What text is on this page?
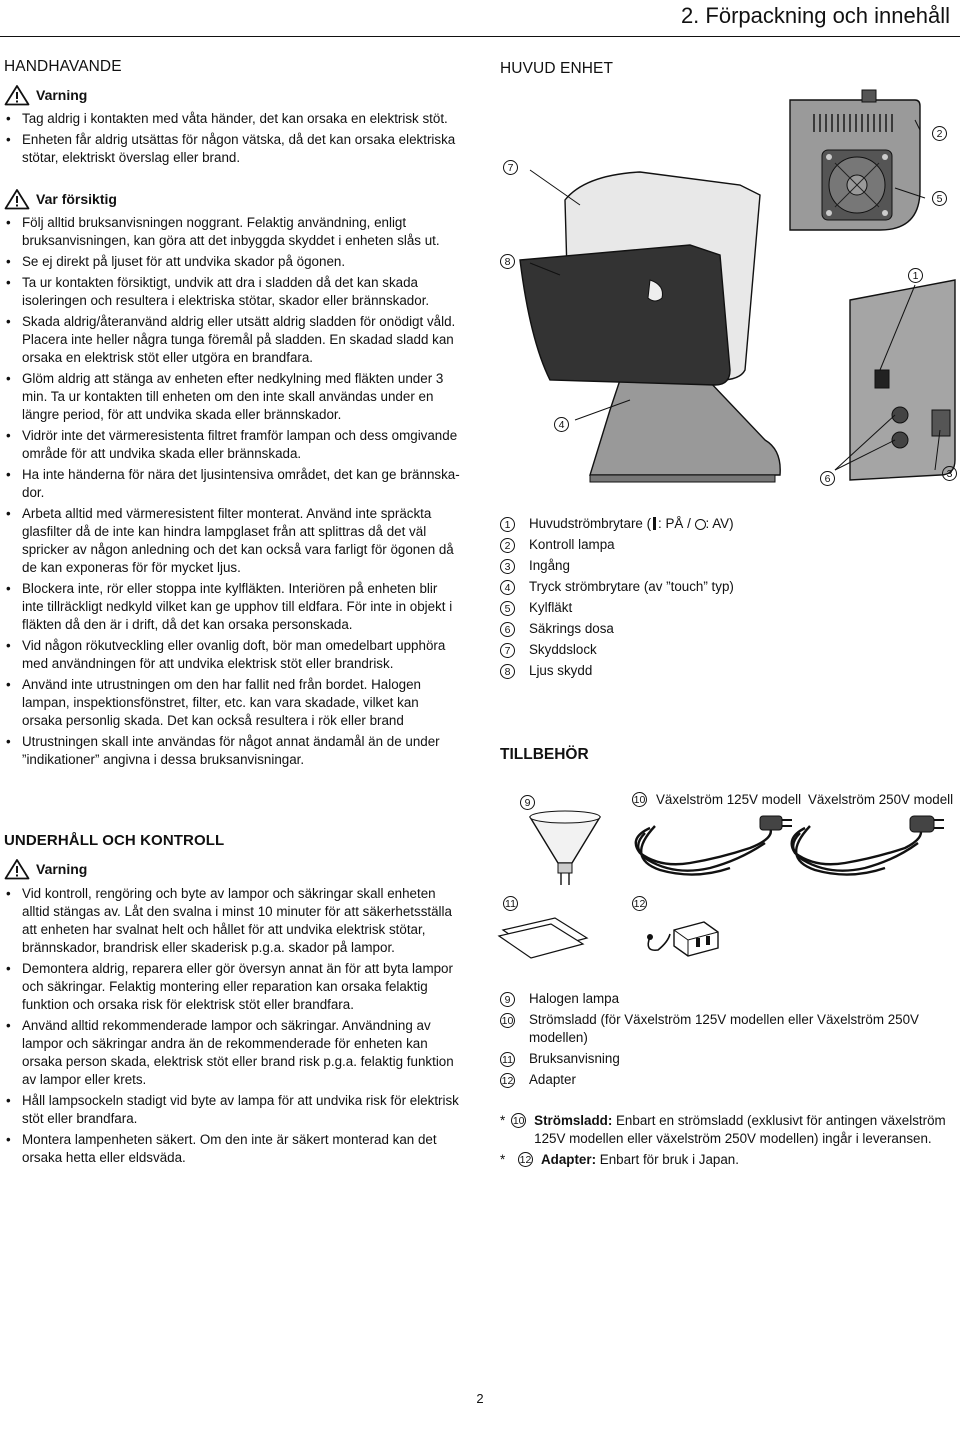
2. Förpackning och innehåll
HANDHAVANDE
Varning
• Tag aldrig i kontakten med våta händer, det kan orsaka en elektrisk stöt.
• Enheten får aldrig utsättas för någon vätska, då det kan orsaka elektriska stötar, elektriskt överslag eller brand.
Var försiktig
• Följ alltid bruksanvisningen noggrant. Felaktig användning, enligt bruksanvisningen, kan göra att det inbyggda skyddet i enheten slås ut.
• Se ej direkt på ljuset för att undvika skador på ögonen.
• Ta ur kontakten försiktigt, undvik att dra i sladden då det kan skada isoleringen och resultera i elektriska stötar, skador eller brännskador.
• Skada aldrig/återanvänd aldrig eller utsätt aldrig sladden för onödigt våld. Placera inte heller några tunga föremål på sladden. En skadad sladd kan orsaka en elektrisk stöt eller utgöra en brandfara.
• Glöm aldrig att stänga av enheten efter nedkylning med fläkten under 3 min. Ta ur kontakten till enheten om den inte skall användas under en längre period, för att undvika skada eller brännskador.
• Vidrör inte det värmeresistenta filtret framför lampan och dess omgivande område för att undvika skada eller brännskada.
• Ha inte händerna för nära det ljusintensiva området, det kan ge brännska-dor.
• Arbeta alltid med värmeresistent filter monterat. Använd inte spräckta glasfilter då de inte kan hindra lampglaset från att splittras då det väl spricker av någon anledning och det kan också vara farligt för ögonen då de kan exponeras för för mycket ljus.
• Blockera inte, rör eller stoppa inte kylfläkten. Interiören på enheten blir inte tillräckligt nedkyld vilket kan ge upphov till eldfara. För inte in objekt i fläkten då den är i drift, då det kan orsaka personskada.
• Vid någon rökutveckling eller ovanlig doft, bör man omedelbart upphöra med användningen för att undvika elektrisk stöt eller brandrisk.
• Använd inte utrustningen om den har fallit ned från bordet. Halogen lampan, inspektionsfönstret, filter, etc. kan vara skadade, vilket kan orsaka personlig skada. Det kan också resultera i rök eller brand
• Utrustningen skall inte användas för något annat ändamål än de under ”indikationer” angivna i dessa bruksanvisningar.
UNDERHÅLL OCH KONTROLL
Varning
• Vid kontroll, rengöring och byte av lampor och säkringar skall enheten alltid stängas av. Låt den svalna i minst 10 minuter för att säkerhetsställa att enheten har svalnat helt och hållet för att undvika elektrisk stötar, brännskador, brandrisk eller skaderisk p.g.a. skador på lampor.
• Demontera aldrig, reparera eller gör översyn annat än för att byta lampor och säkringar. Felaktig montering eller reparation kan orsaka felaktig funktion och orsaka risk för elektrisk stöt eller brandfara.
• Använd alltid rekommenderade lampor och säkringar. Användning av lampor och säkringar andra än de rekommenderade för enheten kan orsaka person skada, elektrisk stöt eller brand risk p.g.a. felaktig funktion av lampor eller krets.
• Håll lampsockeln stadigt vid byte av lampa för att undvika risk för elektrisk stöt eller brandfara.
• Montera lampenheten säkert. Om den inte är säkert monterad kan det orsaka hetta eller eldsväda.
HUVUD ENHET
7
8
4
2
5
1
6	3
1	Huvudströmbrytare ( : PÅ / : AV)
2	Kontroll lampa
3	Ingång
4	Tryck strömbrytare (av ”touch” typ)
5	Kylfläkt
6	Säkrings dosa
7	Skyddslock
8	Ljus skydd
TILLBEHÖR
9	10 Växelström 125V modell Växelström 250V modell
11	12
9	Halogen lampa
10 Strömsladd (för Växelström 125V modellen eller Växelström 250V modellen)
11 Bruksanvisning
12 Adapter
* 10 Strömsladd: Enbart en strömsladd (exklusivt för antingen växelström 125V modellen eller växelström 250V modellen) ingår i leveransen.
*	12 Adapter: Enbart för bruk i Japan.
2
